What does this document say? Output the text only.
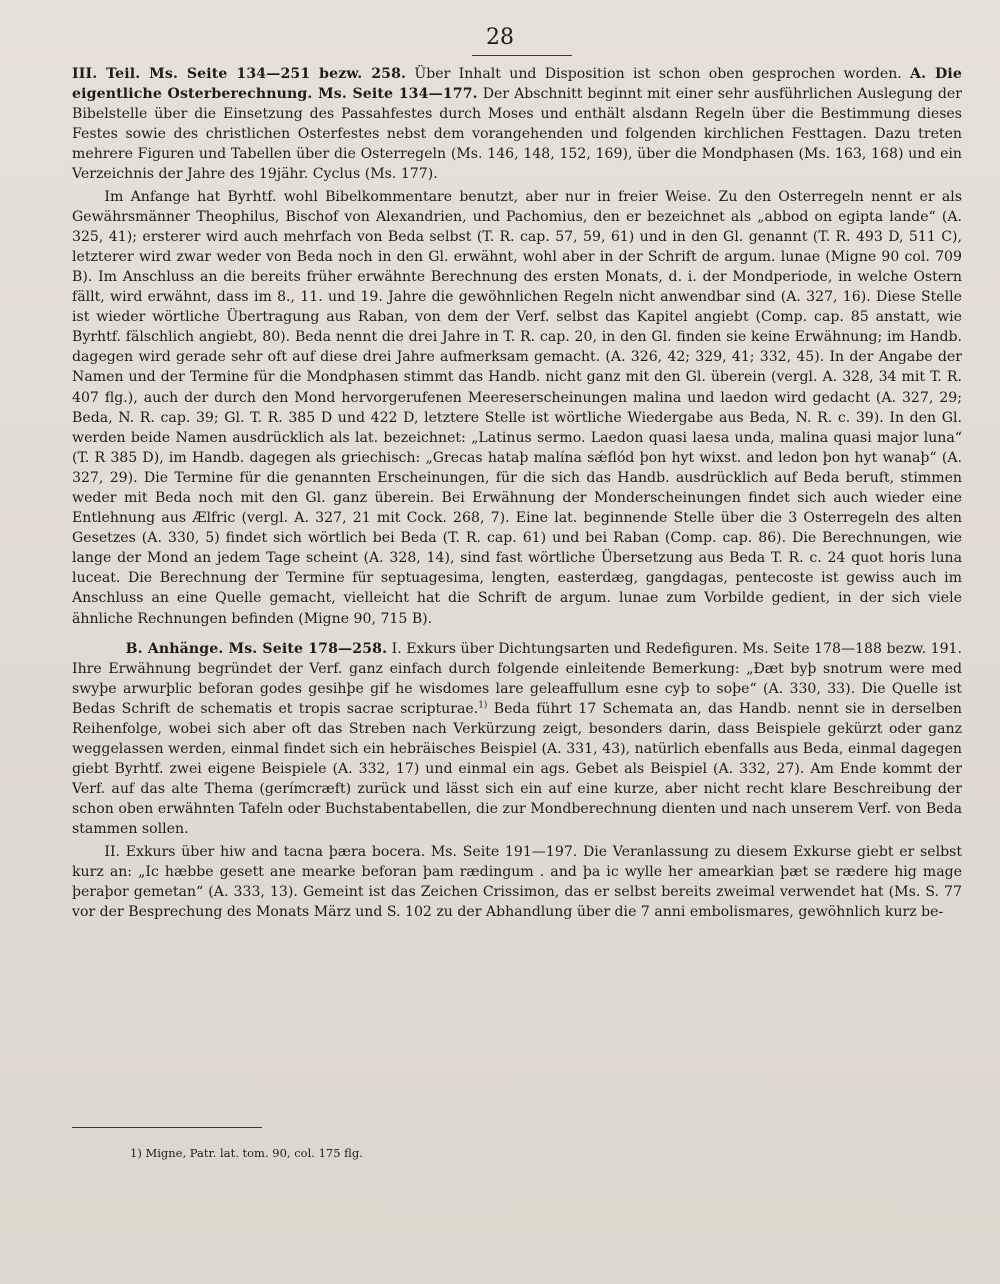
28

III. Teil. Ms. Seite 134—251 bezw. 258. Über Inhalt und Disposition ist schon oben gesprochen worden. A. Die eigentliche Osterberechnung. Ms. Seite 134—177. Der Abschnitt beginnt mit einer sehr ausführlichen Auslegung der Bibelstelle über die Einsetzung des Passahfestes durch Moses und enthält alsdann Regeln über die Bestimmung dieses Festes sowie des christlichen Osterfestes nebst dem vorangehenden und folgenden kirchlichen Festtagen. Dazu treten mehrere Figuren und Tabellen über die Osterregeln (Ms. 146, 148, 152, 169), über die Mondphasen (Ms. 163, 168) und ein Verzeichnis der Jahre des 19jähr. Cyclus (Ms. 177).

Im Anfange hat Byrhtf. wohl Bibelkommentare benutzt, aber nur in freier Weise. Zu den Osterregeln nennt er als Gewährsmänner Theophilus, Bischof von Alexandrien, und Pachomius, den er bezeichnet als „abbod on egipta lande“ (A. 325, 41); ersterer wird auch mehrfach von Beda selbst (T. R. cap. 57, 59, 61) und in den Gl. genannt (T. R. 493 D, 511 C), letzterer wird zwar weder von Beda noch in den Gl. erwähnt, wohl aber in der Schrift de argum. lunae (Migne 90 col. 709 B). Im Anschluss an die bereits früher erwähnte Berechnung des ersten Monats, d. i. der Mondperiode, in welche Ostern fällt, wird erwähnt, dass im 8., 11. und 19. Jahre die gewöhnlichen Regeln nicht anwendbar sind (A. 327, 16). Diese Stelle ist wieder wörtliche Übertragung aus Raban, von dem der Verf. selbst das Kapitel angiebt (Comp. cap. 85 anstatt, wie Byrhtf. fälschlich angiebt, 80). Beda nennt die drei Jahre in T. R. cap. 20, in den Gl. finden sie keine Erwähnung; im Handb. dagegen wird gerade sehr oft auf diese drei Jahre aufmerksam gemacht. (A. 326, 42; 329, 41; 332, 45). In der Angabe der Namen und der Termine für die Mondphasen stimmt das Handb. nicht ganz mit den Gl. überein (vergl. A. 328, 34 mit T. R. 407 flg.), auch der durch den Mond hervorgerufenen Meereserscheinungen malina und laedon wird gedacht (A. 327, 29; Beda, N. R. cap. 39; Gl. T. R. 385 D und 422 D, letztere Stelle ist wörtliche Wiedergabe aus Beda, N. R. c. 39). In den Gl. werden beide Namen ausdrücklich als lat. bezeichnet: „Latinus sermo. Laedon quasi laesa unda, malina quasi major luna“ (T. R 385 D), im Handb. dagegen als griechisch: „Grecas hataþ malína sǽflód þon hyt wixst. and ledon þon hyt wanaþ“ (A. 327, 29). Die Termine für die genannten Erscheinungen, für die sich das Handb. ausdrücklich auf Beda beruft, stimmen weder mit Beda noch mit den Gl. ganz überein. Bei Erwähnung der Monderscheinungen findet sich auch wieder eine Entlehnung aus Ælfric (vergl. A. 327, 21 mit Cock. 268, 7). Eine lat. beginnende Stelle über die 3 Osterregeln des alten Gesetzes (A. 330, 5) findet sich wörtlich bei Beda (T. R. cap. 61) und bei Raban (Comp. cap. 86). Die Berechnungen, wie lange der Mond an jedem Tage scheint (A. 328, 14), sind fast wörtliche Übersetzung aus Beda T. R. c. 24 quot horis luna luceat. Die Berechnung der Termine für septuagesima, lengten, easterdæg, gangdagas, pentecoste ist gewiss auch im Anschluss an eine Quelle gemacht, vielleicht hat die Schrift de argum. lunae zum Vorbilde gedient, in der sich viele ähnliche Rechnungen befinden (Migne 90, 715 B).

B. Anhänge. Ms. Seite 178—258. I. Exkurs über Dichtungsarten und Redefiguren. Ms. Seite 178—188 bezw. 191. Ihre Erwähnung begründet der Verf. ganz einfach durch folgende einleitende Bemerkung: „Ðæt byþ snotrum were med swyþe arwurþlic beforan godes gesihþe gif he wisdomes lare geleaffullum esne cyþ to soþe“ (A. 330, 33). Die Quelle ist Bedas Schrift de schematis et tropis sacrae scripturae.$^{1)}$ Beda führt 17 Schemata an, das Handb. nennt sie in derselben Reihenfolge, wobei sich aber oft das Streben nach Verkürzung zeigt, besonders darin, dass Beispiele gekürzt oder ganz weggelassen werden, einmal findet sich ein hebräisches Beispiel (A. 331, 43), natürlich ebenfalls aus Beda, einmal dagegen giebt Byrhtf. zwei eigene Beispiele (A. 332, 17) und einmal ein ags. Gebet als Beispiel (A. 332, 27). Am Ende kommt der Verf. auf das alte Thema (gerímcræft) zurück und lässt sich ein auf eine kurze, aber nicht recht klare Beschreibung der schon oben erwähnten Tafeln oder Buchstabentabellen, die zur Mondberechnung dienten und nach unserem Verf. von Beda stammen sollen.

II. Exkurs über hiw and tacna þæra bocera. Ms. Seite 191—197. Die Veranlassung zu diesem Exkurse giebt er selbst kurz an: „Ic hæbbe gesett ane mearke beforan þam rædingum . and þa ic wylle her amearkian þæt se rædere hig mage þeraþor gemetan“ (A. 333, 13). Gemeint ist das Zeichen Crissimon, das er selbst bereits zweimal verwendet hat (Ms. S. 77 vor der Besprechung des Monats März und S. 102 zu der Abhandlung über die 7 anni embolismares, gewöhnlich kurz be-

1) Migne, Patr. lat. tom. 90, col. 175 flg.
